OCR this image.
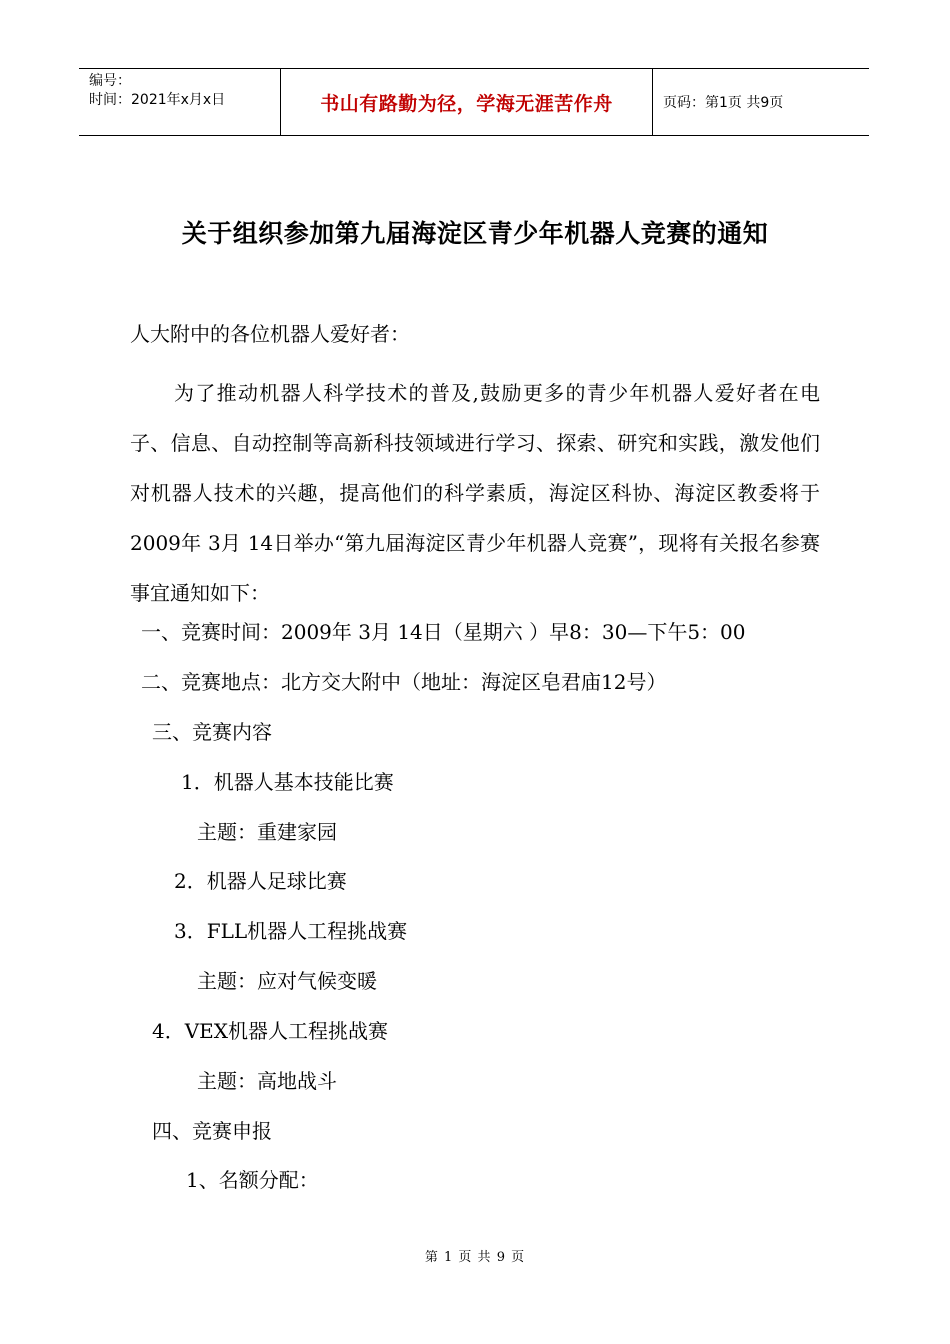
编号：
时间：2021年x月x日	书山有路勤为径，学海无涯苦作舟	页码：第1页 共9页
关于组织参加第九届海淀区青少年机器人竞赛的通知
人大附中的各位机器人爱好者：
为了推动机器人科学技术的普及,鼓励更多的青少年机器人爱好者在电子、信息、自动控制等高新科技领域进行学习、探索、研究和实践，激发他们对机器人技术的兴趣，提高他们的科学素质，海淀区科协、海淀区教委将于2009年 3月 14日举办“第九届海淀区青少年机器人竞赛”，现将有关报名参赛事宜通知如下：
一、竞赛时间：2009年 3月 14日（星期六 ）早8：30—下午5：00
二、竞赛地点：北方交大附中（地址：海淀区皂君庙12号）
三、竞赛内容
1．机器人基本技能比赛
主题：重建家园
2．机器人足球比赛
3．FLL机器人工程挑战赛
主题：应对气候变暖
4．VEX机器人工程挑战赛
主题：高地战斗
四、竞赛申报
1、名额分配：
第 1 页 共 9 页
